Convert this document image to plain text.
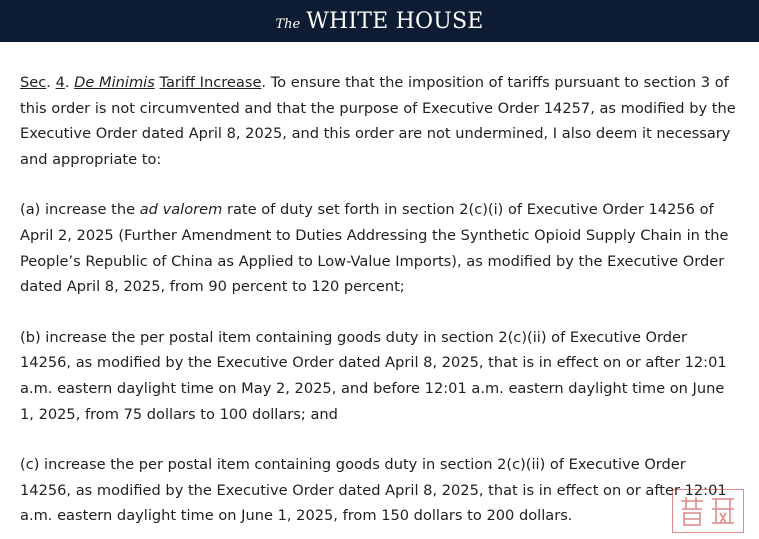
The WHITE HOUSE

Sec. 4. De Minimis Tariff Increase. To ensure that the imposition of tariffs pursuant to section 3 of this order is not circumvented and that the purpose of Executive Order 14257, as modified by the Executive Order dated April 8, 2025, and this order are not undermined, I also deem it necessary and appropriate to:

(a) increase the ad valorem rate of duty set forth in section 2(c)(i) of Executive Order 14256 of April 2, 2025 (Further Amendment to Duties Addressing the Synthetic Opioid Supply Chain in the People’s Republic of China as Applied to Low-Value Imports), as modified by the Executive Order dated April 8, 2025, from 90 percent to 120 percent;

(b) increase the per postal item containing goods duty in section 2(c)(ii) of Executive Order 14256, as modified by the Executive Order dated April 8, 2025, that is in effect on or after 12:01 a.m. eastern daylight time on May 2, 2025, and before 12:01 a.m. eastern daylight time on June 1, 2025, from 75 dollars to 100 dollars; and

(c) increase the per postal item containing goods duty in section 2(c)(ii) of Executive Order 14256, as modified by the Executive Order dated April 8, 2025, that is in effect on or after 12:01 a.m. eastern daylight time on June 1, 2025, from 150 dollars to 200 dollars.
